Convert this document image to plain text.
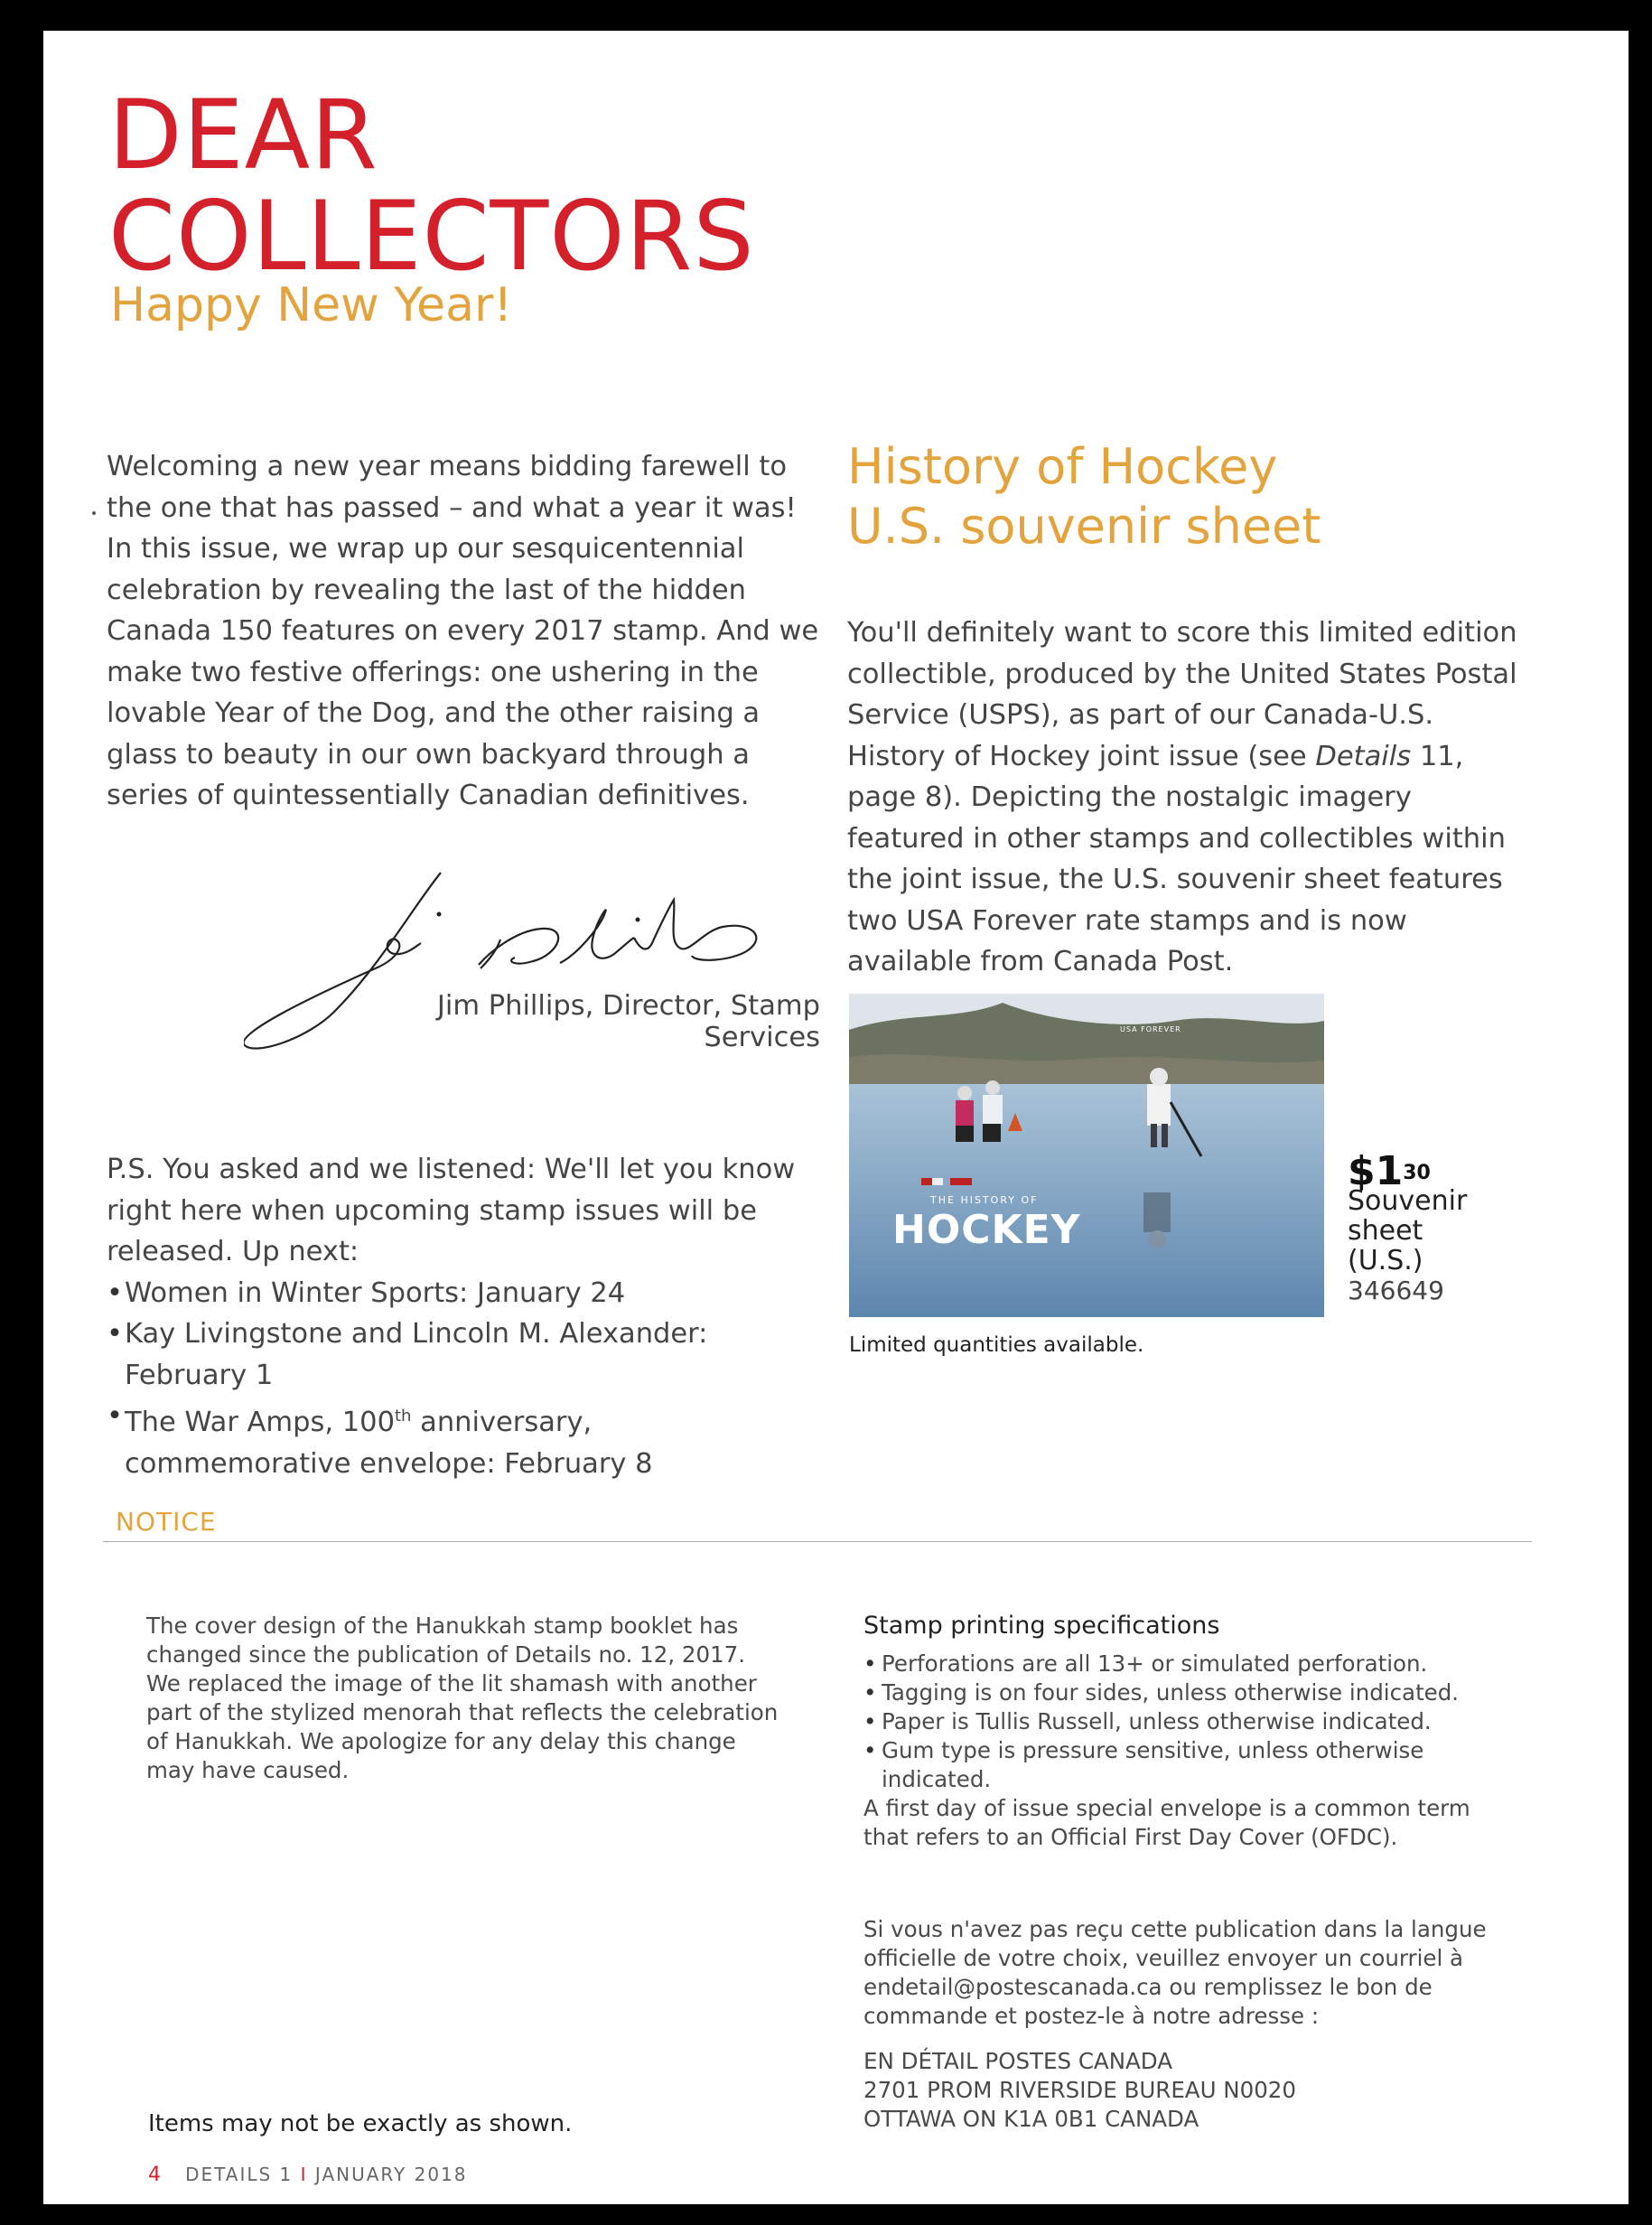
DEAR
COLLECTORS
Happy New Year!
Welcoming a new year means bidding farewell to the one that has passed – and what a year it was! In this issue, we wrap up our sesquicentennial celebration by revealing the last of the hidden Canada 150 features on every 2017 stamp. And we make two festive offerings: one ushering in the lovable Year of the Dog, and the other raising a glass to beauty in our own backyard through a series of quintessentially Canadian definitives.
Jim Phillips, Director, Stamp Services
P.S. You asked and we listened: We'll let you know right here when upcoming stamp issues will be released. Up next:
• Women in Winter Sports: January 24
• Kay Livingstone and Lincoln M. Alexander: February 1
• The War Amps, 100th anniversary, commemorative envelope: February 8
History of Hockey
U.S. souvenir sheet
You'll definitely want to score this limited edition collectible, produced by the United States Postal Service (USPS), as part of our Canada-U.S. History of Hockey joint issue (see Details 11, page 8). Depicting the nostalgic imagery featured in other stamps and collectibles within the joint issue, the U.S. souvenir sheet features two USA Forever rate stamps and is now available from Canada Post.
THE HISTORY OF
HOCKEY
USA FOREVER
$\$1^{30}$
Souvenir
sheet
(U.S.)
346649
Limited quantities available.
NOTICE
The cover design of the Hanukkah stamp booklet has changed since the publication of Details no. 12, 2017. We replaced the image of the lit shamash with another part of the stylized menorah that reflects the celebration of Hanukkah. We apologize for any delay this change may have caused.
Stamp printing specifications
• Perforations are all 13+ or simulated perforation.
• Tagging is on four sides, unless otherwise indicated.
• Paper is Tullis Russell, unless otherwise indicated.
• Gum type is pressure sensitive, unless otherwise indicated.
A first day of issue special envelope is a common term that refers to an Official First Day Cover (OFDC).
Si vous n'avez pas reçu cette publication dans la langue officielle de votre choix, veuillez envoyer un courriel à endetail@postescanada.ca ou remplissez le bon de commande et postez-le à notre adresse :
EN DÉTAIL POSTES CANADA
2701 PROM RIVERSIDE BUREAU N0020
OTTAWA ON K1A 0B1 CANADA
Items may not be exactly as shown.
4 DETAILS 1 I JANUARY 2018
